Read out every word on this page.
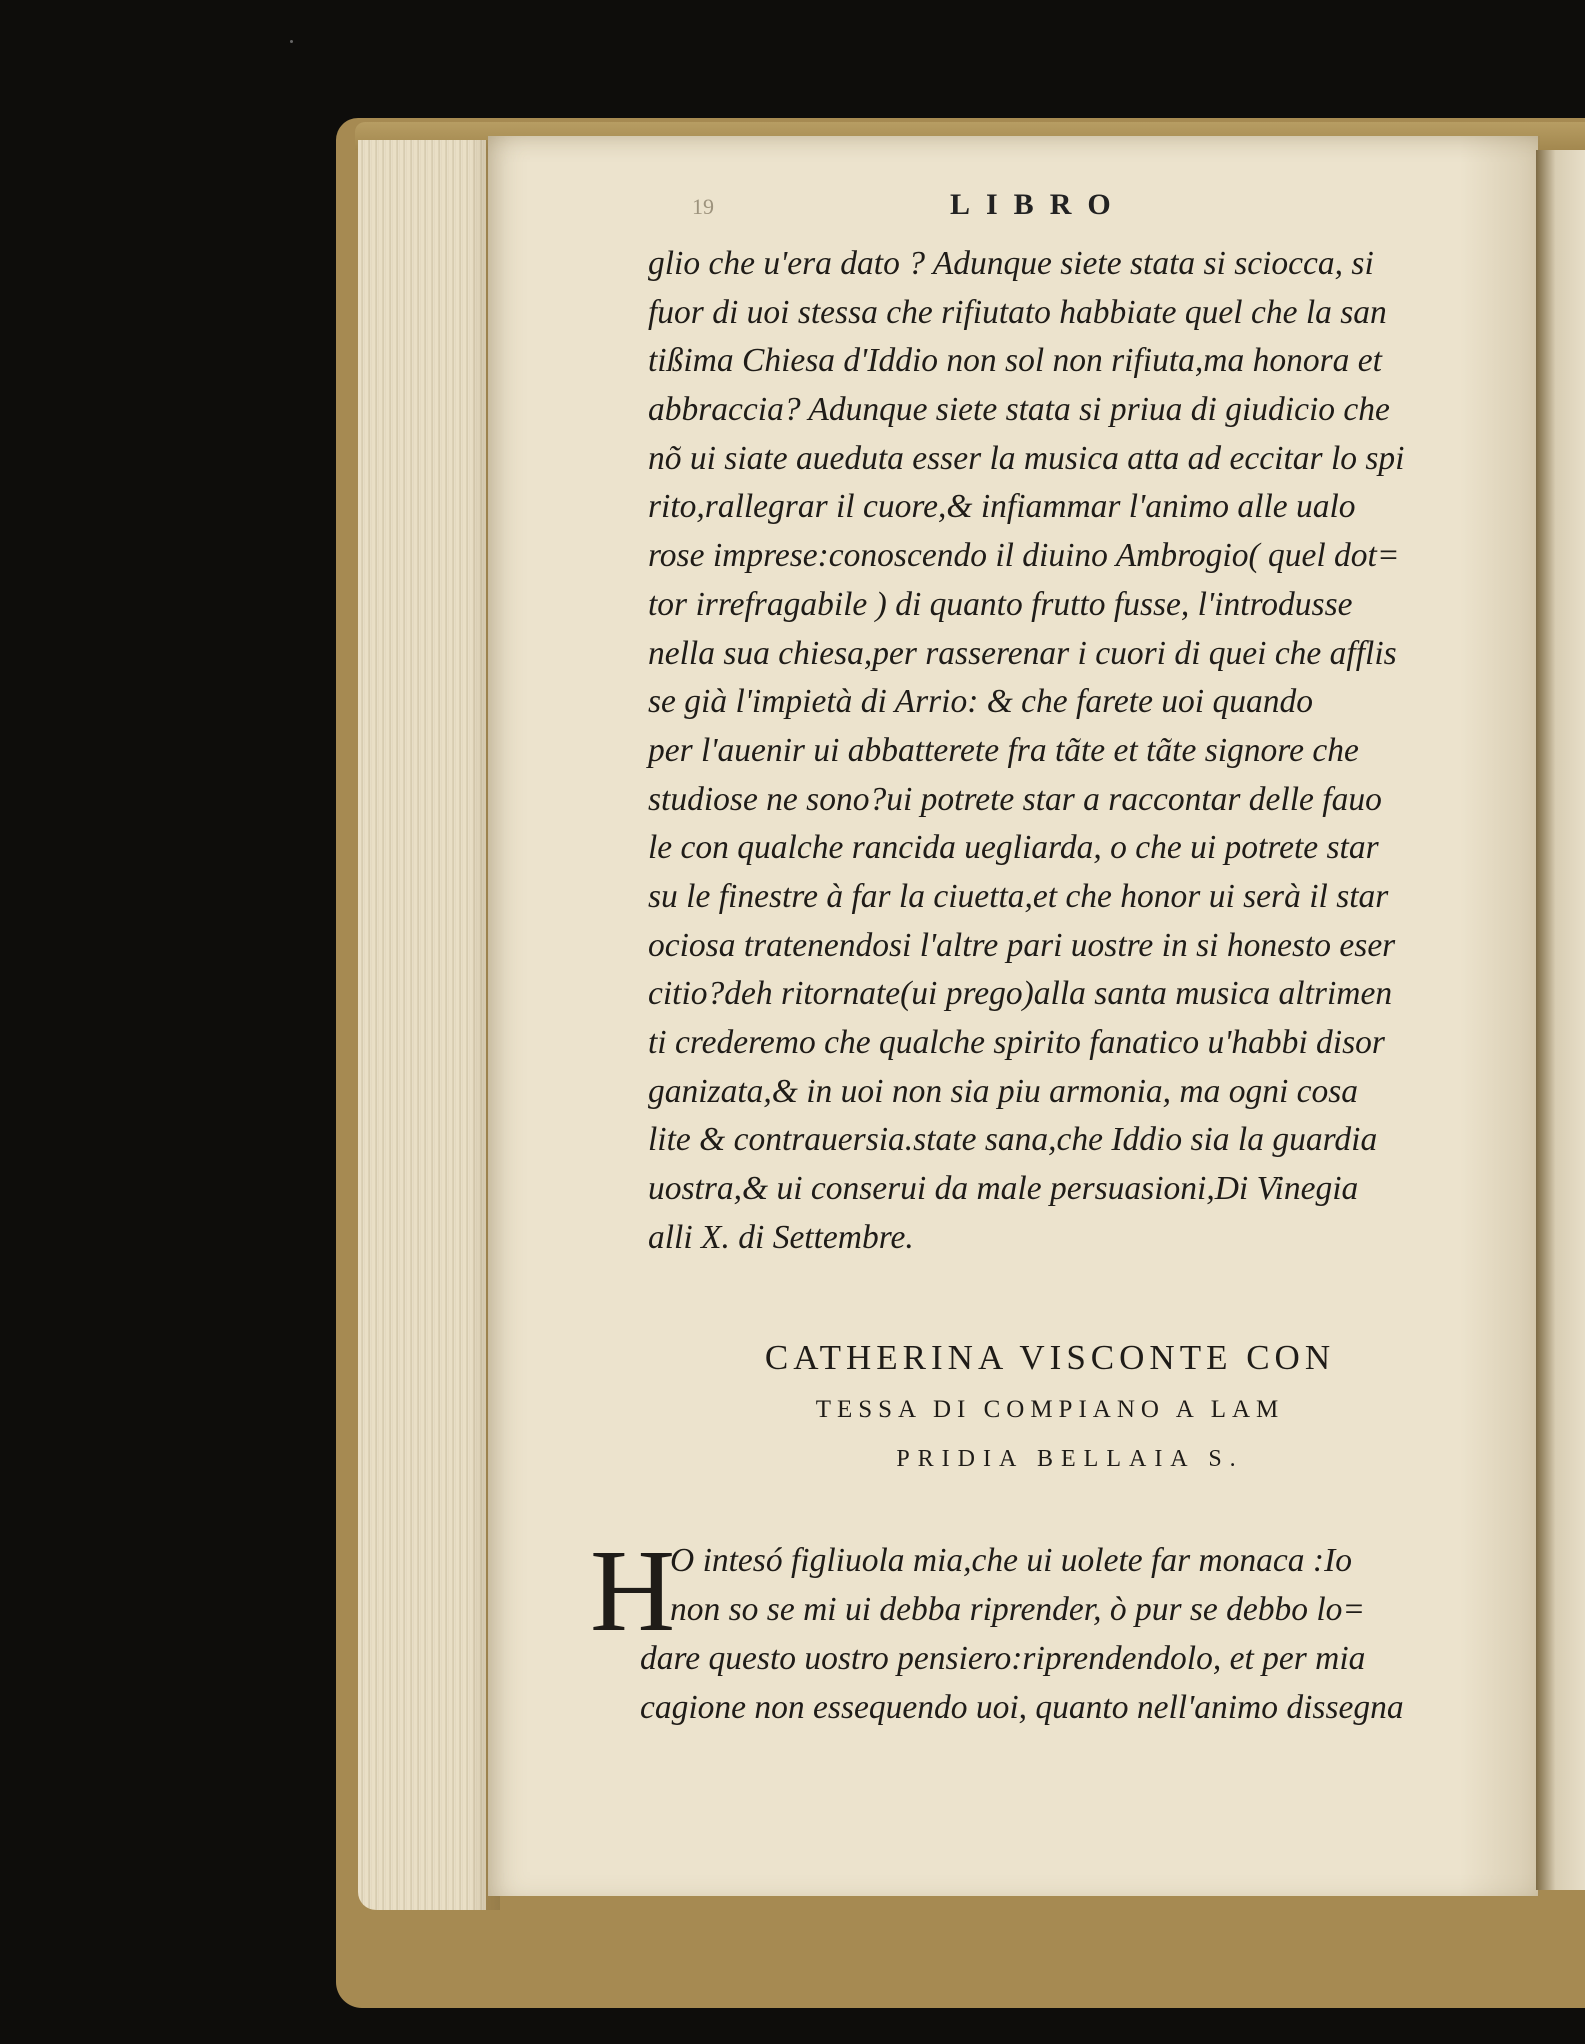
19	LIBRO
glio che u'era dato ? Adunque siete stata si sciocca, si
fuor di uoi stessa che rifiutato habbiate quel che la san
tißima Chiesa d'Iddio non sol non rifiuta,ma honora et
abbraccia? Adunque siete stata si priua di giudicio che
nõ ui siate aueduta esser la musica atta ad eccitar lo spi
rito,rallegrar il cuore,& infiammar l'animo alle ualo
rose imprese:conoscendo il diuino Ambrogio( quel dot=
tor irrefragabile ) di quanto frutto fusse, l'introdusse
nella sua chiesa,per rasserenar i cuori di quei che afflis
se già l'impietà di Arrio: & che farete uoi quando
per l'auenir ui abbatterete fra tãte et tãte signore che
studiose ne sono?ui potrete star a raccontar delle fauo
le con qualche rancida uegliarda, o che ui potrete star
su le finestre à far la ciuetta,et che honor ui serà il star
ociosa tratenendosi l'altre pari uostre in si honesto eser
citio?deh ritornate(ui prego)alla santa musica altrimen
ti crederemo che qualche spirito fanatico u'habbi disor
ganizata,& in uoi non sia piu armonia, ma ogni cosa
lite & contrauersia.state sana,che Iddio sia la guardia
uostra,& ui conserui da male persuasioni,Di Vinegia
alli X. di Settembre.
CATHERINA VISCONTE CON
TESSA DI COMPIANO A LAM
PRIDIA BELLAIA S.
H
O intesó figliuola mia,che ui uolete far monaca :Io
non so se mi ui debba riprender, ò pur se debbo lo=
dare questo uostro pensiero:riprendendolo, et per mia
cagione non essequendo uoi, quanto nell'animo dissegna
